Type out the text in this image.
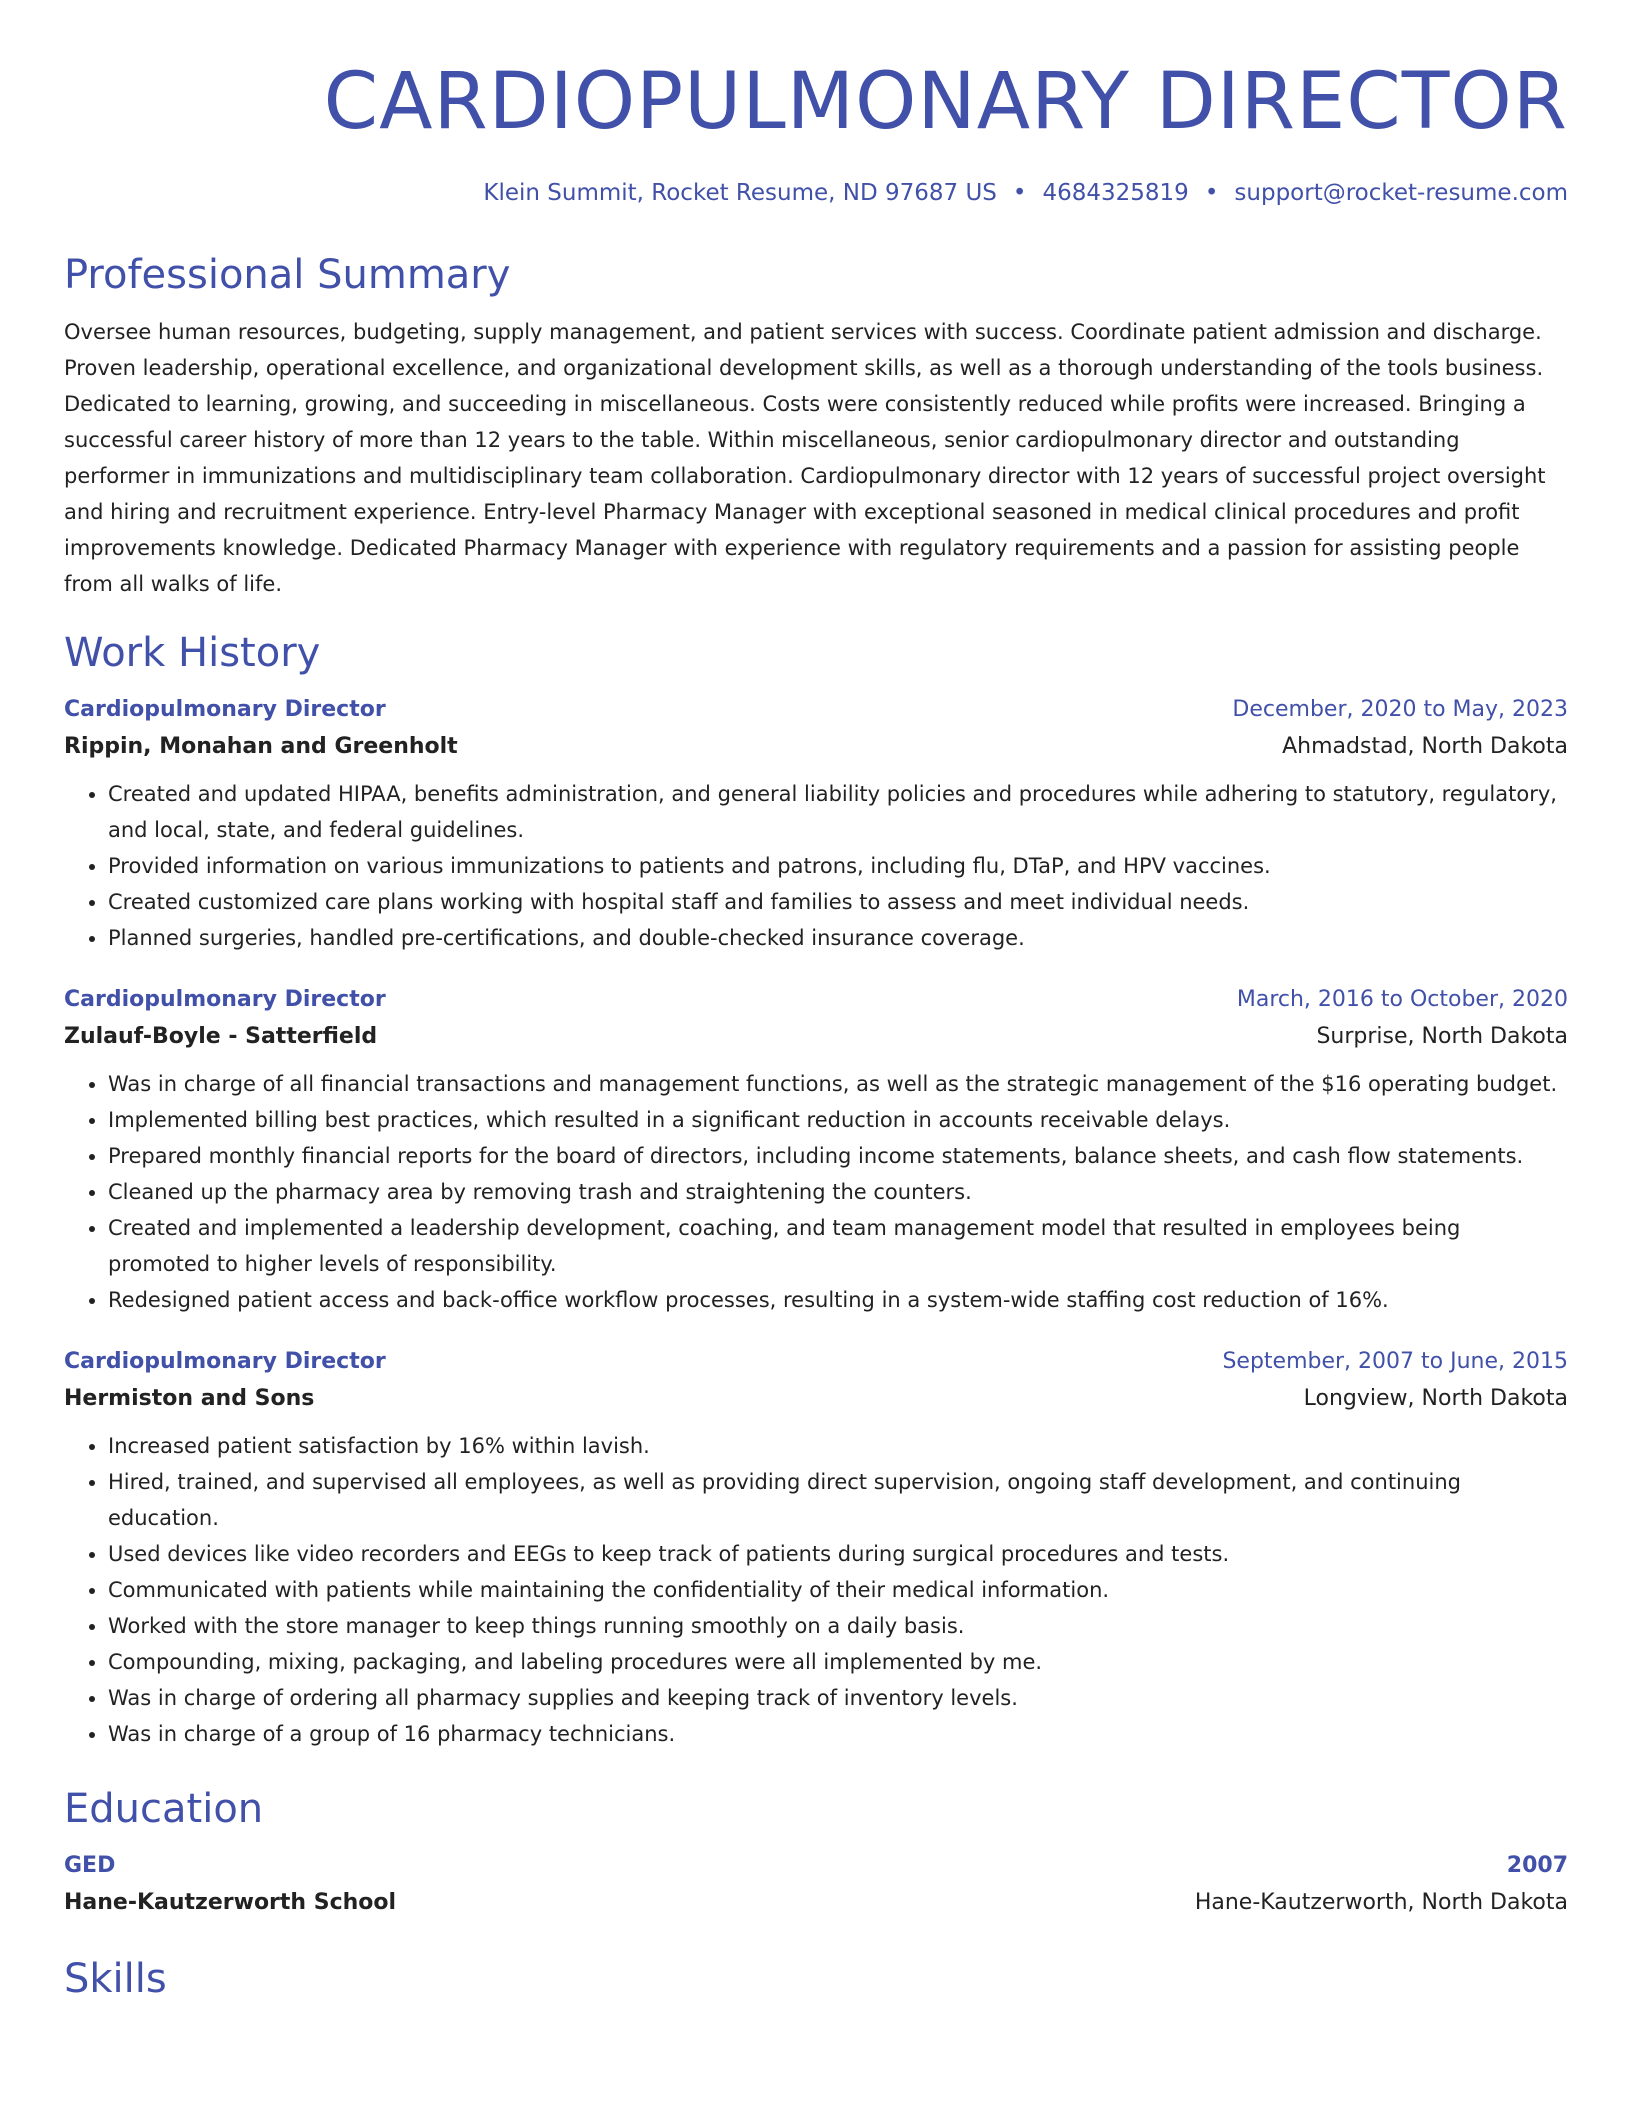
CARDIOPULMONARY DIRECTOR
Klein Summit, Rocket Resume, ND 97687 US • 4684325819 • support@rocket-resume.com
Professional Summary
Oversee human resources, budgeting, supply management, and patient services with success. Coordinate patient admission and discharge. Proven leadership, operational excellence, and organizational development skills, as well as a thorough understanding of the tools business. Dedicated to learning, growing, and succeeding in miscellaneous. Costs were consistently reduced while profits were increased. Bringing a successful career history of more than 12 years to the table. Within miscellaneous, senior cardiopulmonary director and outstanding performer in immunizations and multidisciplinary team collaboration. Cardiopulmonary director with 12 years of successful project oversight and hiring and recruitment experience. Entry-level Pharmacy Manager with exceptional seasoned in medical clinical procedures and profit improvements knowledge. Dedicated Pharmacy Manager with experience with regulatory requirements and a passion for assisting people from all walks of life.
Work History
Cardiopulmonary Director	December, 2020 to May, 2023
Rippin, Monahan and Greenholt	Ahmadstad, North Dakota
• Created and updated HIPAA, benefits administration, and general liability policies and procedures while adhering to statutory, regulatory, and local, state, and federal guidelines.
• Provided information on various immunizations to patients and patrons, including flu, DTaP, and HPV vaccines.
• Created customized care plans working with hospital staff and families to assess and meet individual needs.
• Planned surgeries, handled pre-certifications, and double-checked insurance coverage.
Cardiopulmonary Director	March, 2016 to October, 2020
Zulauf-Boyle - Satterfield	Surprise, North Dakota
• Was in charge of all financial transactions and management functions, as well as the strategic management of the $16 operating budget.
• Implemented billing best practices, which resulted in a significant reduction in accounts receivable delays.
• Prepared monthly financial reports for the board of directors, including income statements, balance sheets, and cash flow statements.
• Cleaned up the pharmacy area by removing trash and straightening the counters.
• Created and implemented a leadership development, coaching, and team management model that resulted in employees being promoted to higher levels of responsibility.
• Redesigned patient access and back-office workflow processes, resulting in a system-wide staffing cost reduction of 16%.
Cardiopulmonary Director	September, 2007 to June, 2015
Hermiston and Sons	Longview, North Dakota
• Increased patient satisfaction by 16% within lavish.
• Hired, trained, and supervised all employees, as well as providing direct supervision, ongoing staff development, and continuing education.
• Used devices like video recorders and EEGs to keep track of patients during surgical procedures and tests.
• Communicated with patients while maintaining the confidentiality of their medical information.
• Worked with the store manager to keep things running smoothly on a daily basis.
• Compounding, mixing, packaging, and labeling procedures were all implemented by me.
• Was in charge of ordering all pharmacy supplies and keeping track of inventory levels.
• Was in charge of a group of 16 pharmacy technicians.
Education
GED	2007
Hane-Kautzerworth School	Hane-Kautzerworth, North Dakota
Skills
